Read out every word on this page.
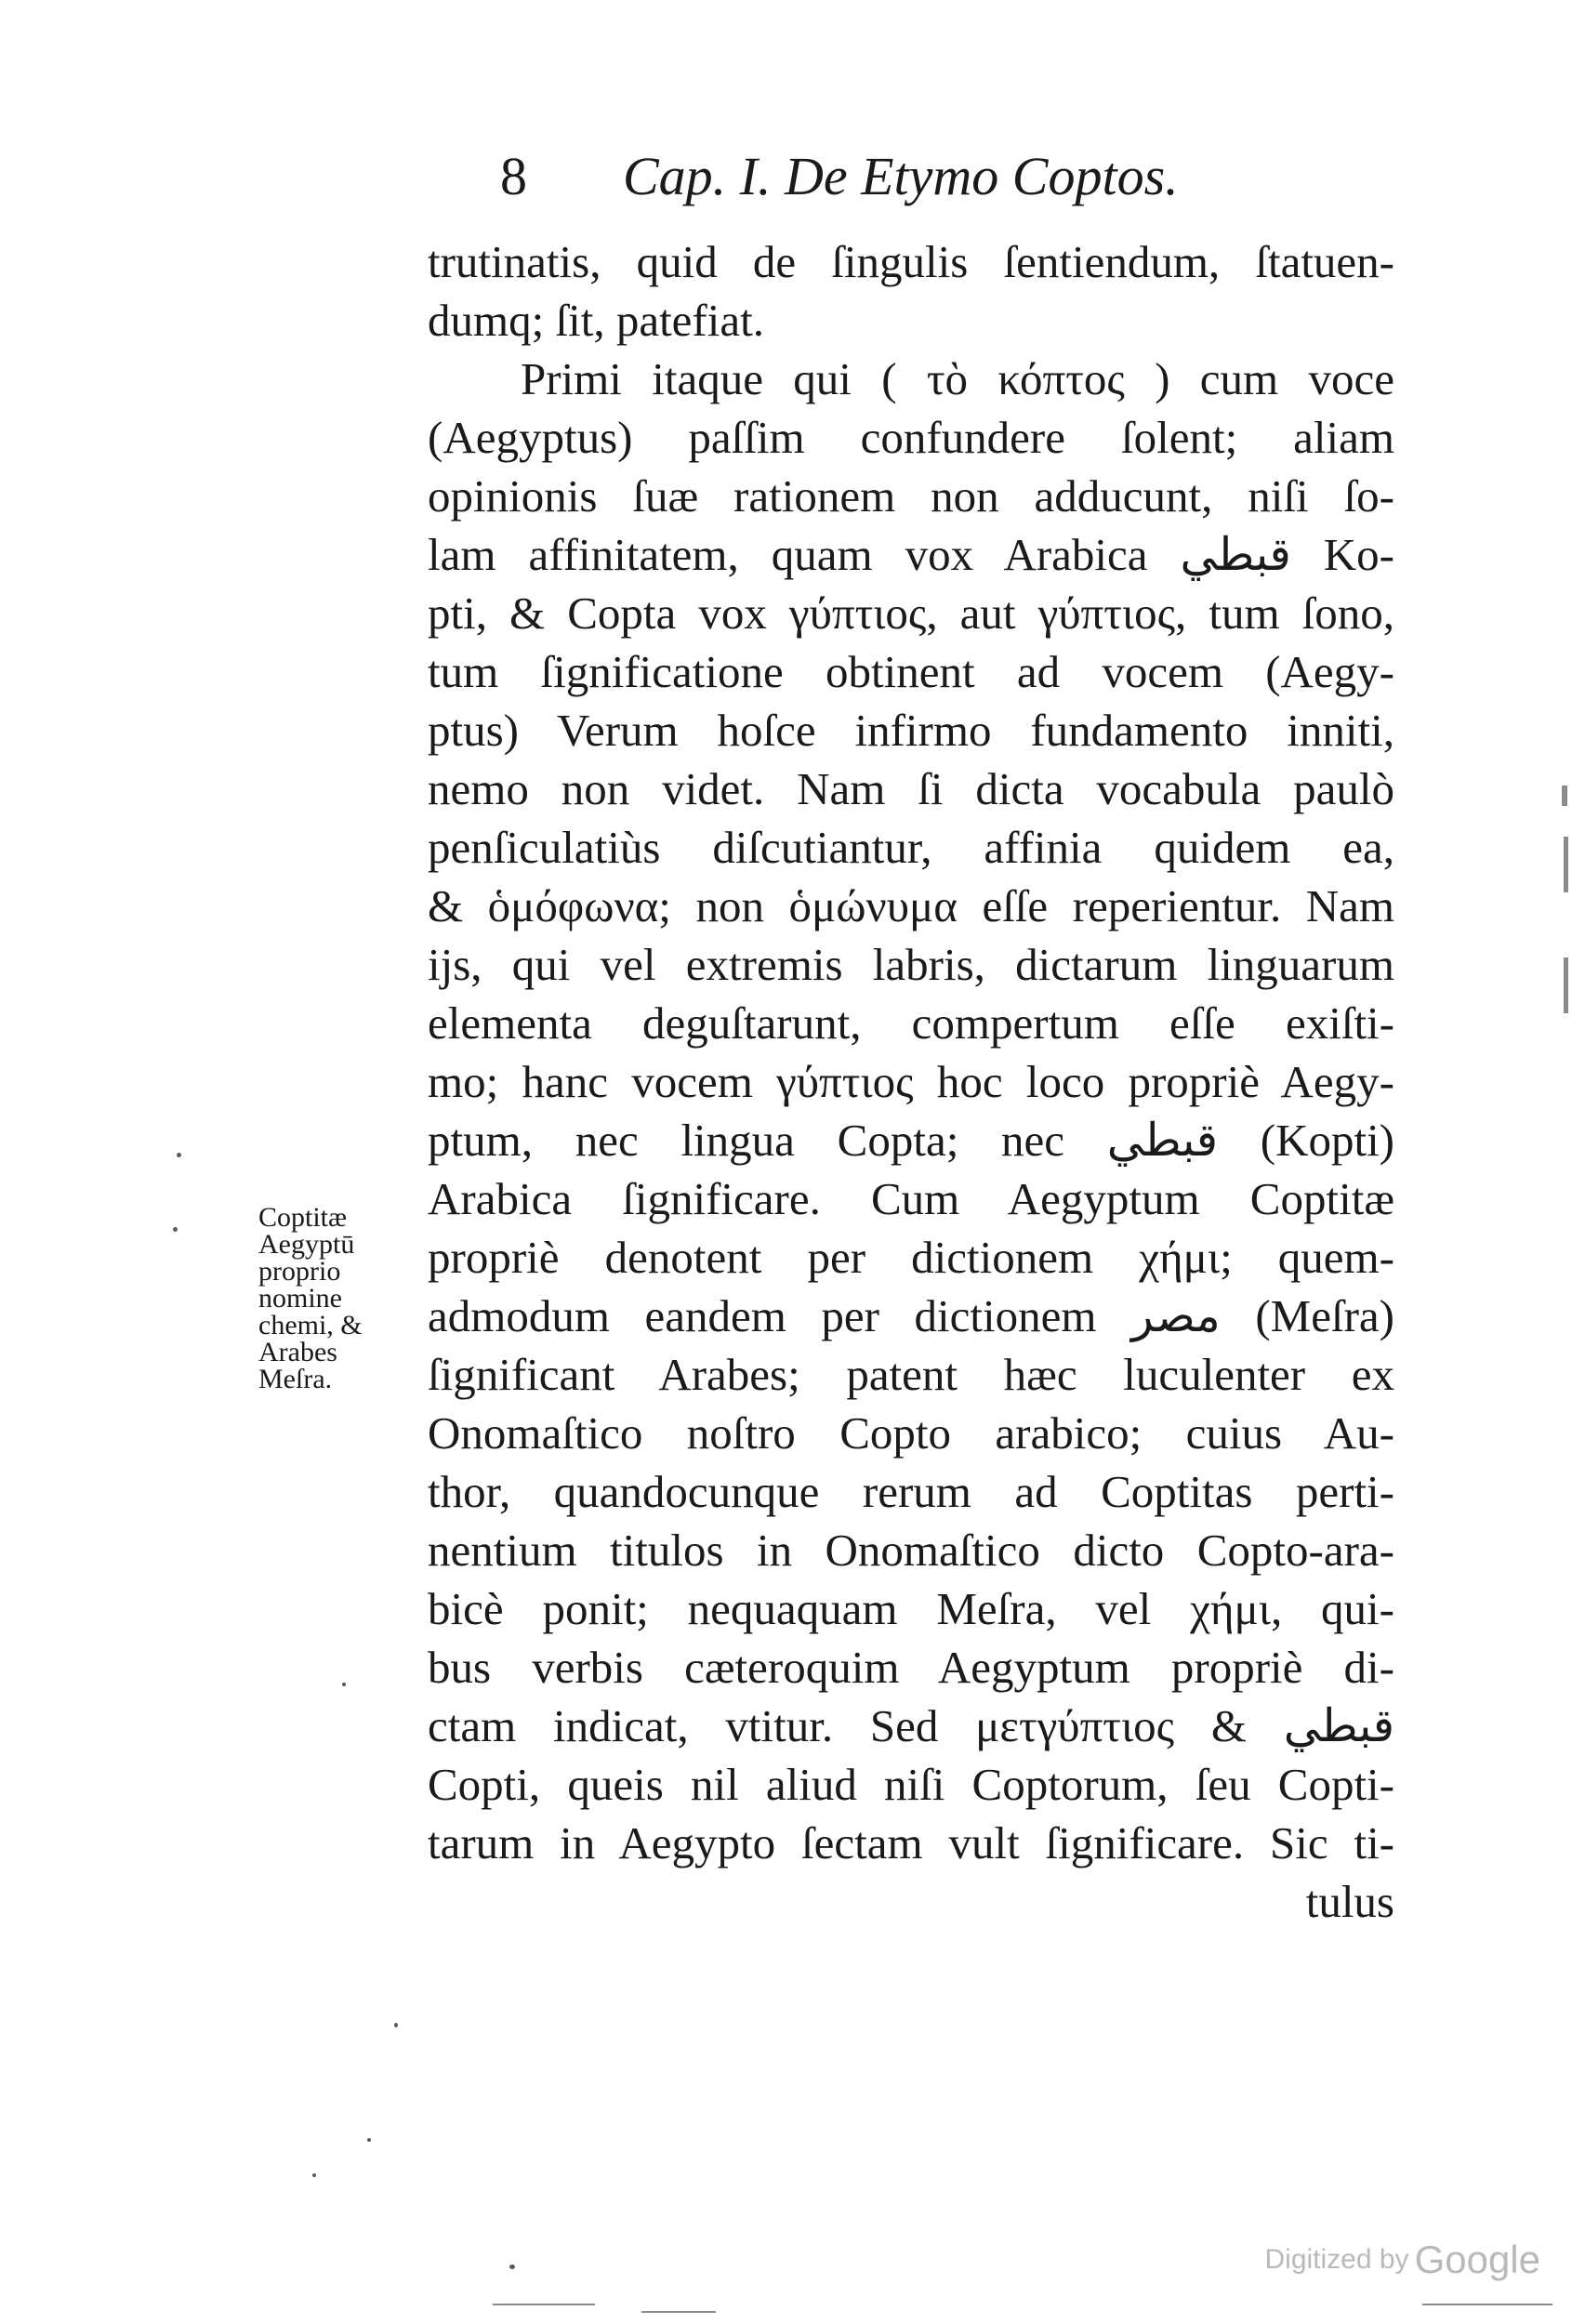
8 Cap. I. De Etymo Coptos.
trutinatis, quid de ſingulis ſentiendum, ſtatuen-
dumq; ſit, patefiat.
Primi itaque qui ( τὸ κόπτος ) cum voce
(Aegyptus) paſſim confundere ſolent; aliam
opinionis ſuæ rationem non adducunt, niſi ſo-
lam affinitatem, quam vox Arabica قبطي Ko-
pti, & Copta vox γύπτιος, aut γύπτιος, tum ſono,
tum ſignificatione obtinent ad vocem (Aegy-
ptus) Verum hoſce infirmo fundamento inniti,
nemo non videt. Nam ſi dicta vocabula paulò
penſiculatiùs diſcutiantur, affinia quidem ea,
& ὁμόφωνα; non ὁμώνυμα eſſe reperientur. Nam
ijs, qui vel extremis labris, dictarum linguarum
elementa deguſtarunt, compertum eſſe exiſti-
mo; hanc vocem γύπτιος hoc loco propriè Aegy-
ptum, nec lingua Copta; nec قبطي (Kopti)
Arabica ſignificare. Cum Aegyptum Coptitæ
propriè denotent per dictionem χήμι; quem-
admodum eandem per dictionem مصر (Meſra)
ſignificant Arabes; patent hæc luculenter ex
Onomaſtico noſtro Copto arabico; cuius Au-
thor, quandocunque rerum ad Coptitas perti-
nentium titulos in Onomaſtico dicto Copto-ara-
bicè ponit; nequaquam Meſra, vel χήμι, qui-
bus verbis cæteroquim Aegyptum propriè di-
ctam indicat, vtitur. Sed μετγύπτιος & قبطي
Copti, queis nil aliud niſi Coptorum, ſeu Copti-
tarum in Aegypto ſectam vult ſignificare. Sic ti-
tulus
Coptitæ
Aegyptū
proprio
nomine
chemi, &
Arabes
Meſra.
Digitized by Google
